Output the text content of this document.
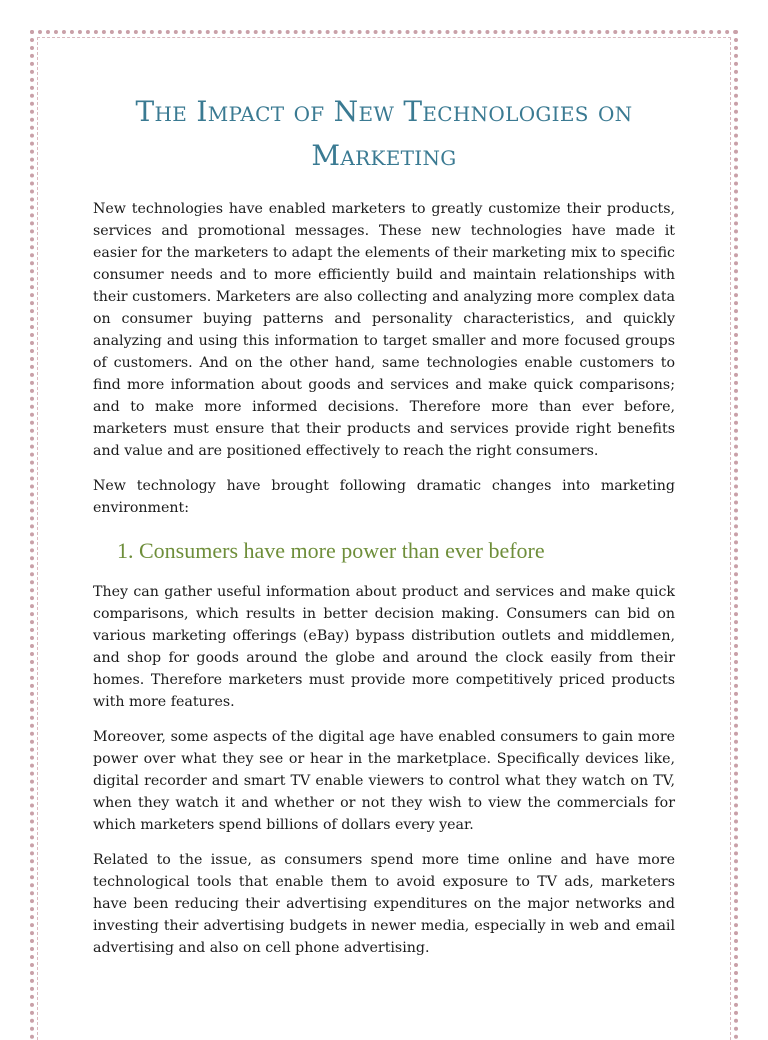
The Impact of New Technologies on Marketing

New technologies have enabled marketers to greatly customize their products, services and promotional messages. These new technologies have made it easier for the marketers to adapt the elements of their marketing mix to specific consumer needs and to more efficiently build and maintain relationships with their customers. Marketers are also collecting and analyzing more complex data on consumer buying patterns and personality characteristics, and quickly analyzing and using this information to target smaller and more focused groups of customers. And on the other hand, same technologies enable customers to find more information about goods and services and make quick comparisons; and to make more informed decisions. Therefore more than ever before, marketers must ensure that their products and services provide right benefits and value and are positioned effectively to reach the right consumers.

New technology have brought following dramatic changes into marketing environment:

1. Consumers have more power than ever before

They can gather useful information about product and services and make quick comparisons, which results in better decision making. Consumers can bid on various marketing offerings (eBay) bypass distribution outlets and middlemen, and shop for goods around the globe and around the clock easily from their homes. Therefore marketers must provide more competitively priced products with more features.

Moreover, some aspects of the digital age have enabled consumers to gain more power over what they see or hear in the marketplace. Specifically devices like, digital recorder and smart TV enable viewers to control what they watch on TV, when they watch it and whether or not they wish to view the commercials for which marketers spend billions of dollars every year.

Related to the issue, as consumers spend more time online and have more technological tools that enable them to avoid exposure to TV ads, marketers have been reducing their advertising expenditures on the major networks and investing their advertising budgets in newer media, especially in web and email advertising and also on cell phone advertising.
